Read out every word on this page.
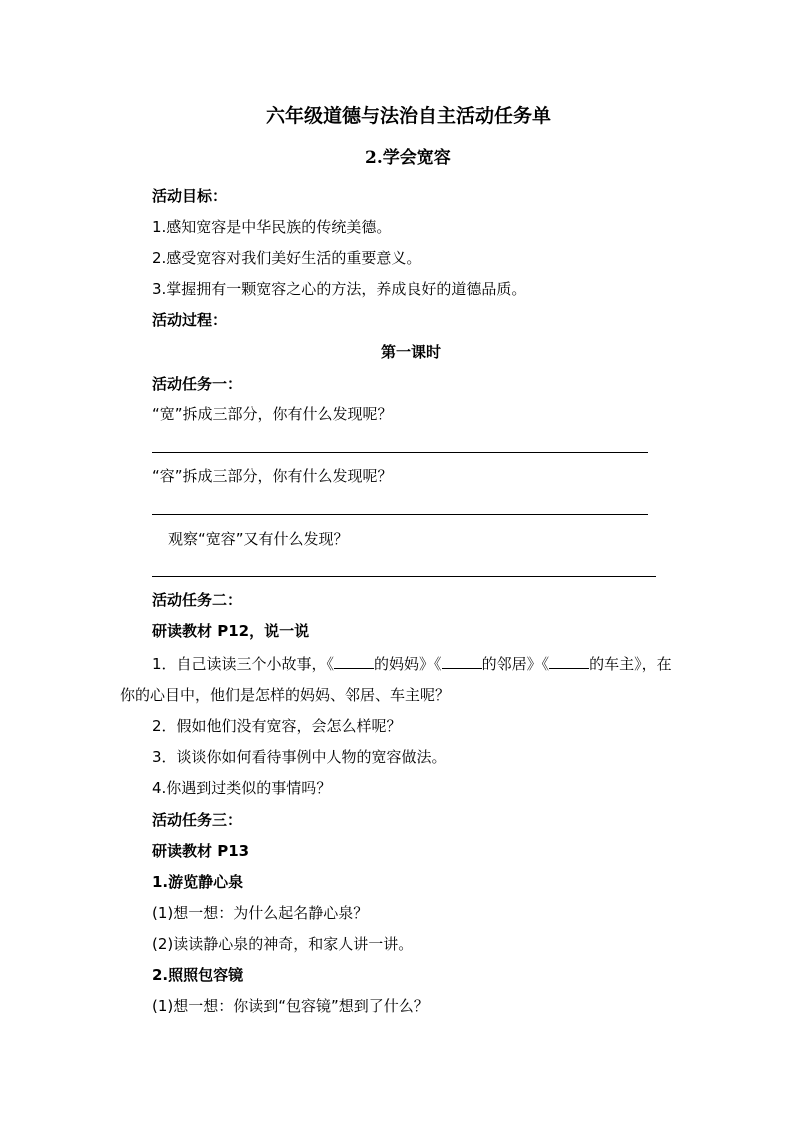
六年级道德与法治自主活动任务单
2.学会宽容
活动目标：
1.感知宽容是中华民族的传统美德。
2.感受宽容对我们美好生活的重要意义。
3.掌握拥有一颗宽容之心的方法，养成良好的道德品质。
活动过程：
第一课时
活动任务一：
“宽”拆成三部分，你有什么发现呢？
“容”拆成三部分，你有什么发现呢？
观察“宽容”又有什么发现？
活动任务二：
研读教材 P12，说一说
1．自己读读三个小故事，《	的妈妈》《	的邻居》《	的车主》，在
你的心目中，他们是怎样的妈妈、邻居、车主呢？
2．假如他们没有宽容，会怎么样呢？
3．谈谈你如何看待事例中人物的宽容做法。
4.你遇到过类似的事情吗？
活动任务三：
研读教材 P13
1.游览静心泉
(1)想一想：为什么起名静心泉？
(2)读读静心泉的神奇，和家人讲一讲。
2.照照包容镜
(1)想一想：你读到“包容镜”想到了什么？
